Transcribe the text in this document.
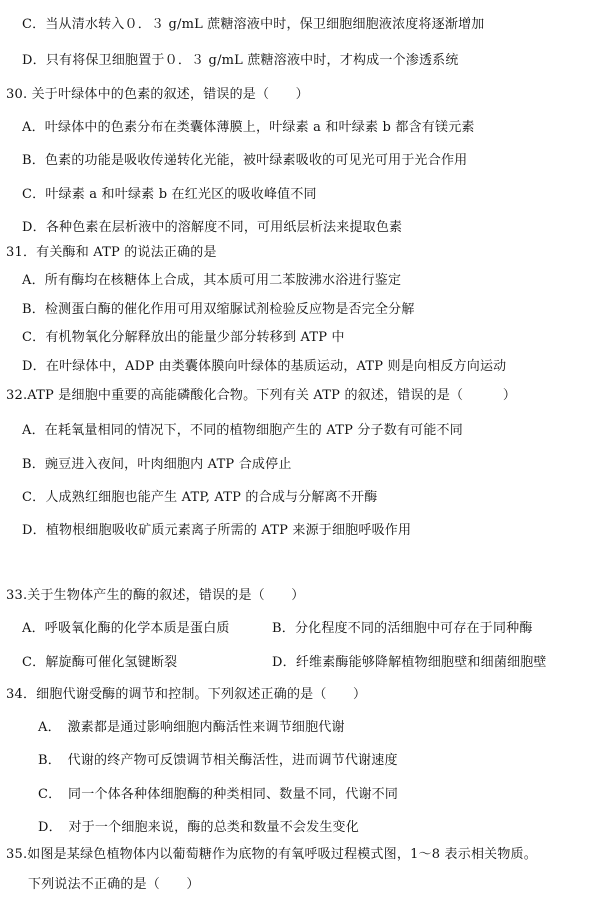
C．当从清水转入０．３ g/mL 蔗糖溶液中时，保卫细胞细胞液浓度将逐渐增加
D．只有将保卫细胞置于０．３ g/mL 蔗糖溶液中时，才构成一个渗透系统
30. 关于叶绿体中的色素的叙述，错误的是（　　）
A．叶绿体中的色素分布在类囊体薄膜上，叶绿素 a 和叶绿素 b 都含有镁元素
B．色素的功能是吸收传递转化光能，被叶绿素吸收的可见光可用于光合作用
C．叶绿素 a 和叶绿素 b 在红光区的吸收峰值不同
D．各种色素在层析液中的溶解度不同，可用纸层析法来提取色素
31．有关酶和 ATP 的说法正确的是
A．所有酶均在核糖体上合成，其本质可用二苯胺沸水浴进行鉴定
B．检测蛋白酶的催化作用可用双缩脲试剂检验反应物是否完全分解
C．有机物氧化分解释放出的能量少部分转移到 ATP 中
D．在叶绿体中，ADP 由类囊体膜向叶绿体的基质运动，ATP 则是向相反方向运动
32.ATP 是细胞中重要的高能磷酸化合物。下列有关 ATP 的叙述，错误的是（　　　）
A．在耗氧量相同的情况下，不同的植物细胞产生的 ATP 分子数有可能不同
B．豌豆进入夜间，叶肉细胞内 ATP 合成停止
C．人成熟红细胞也能产生 ATP, ATP 的合成与分解离不开酶
D．植物根细胞吸收矿质元素离子所需的 ATP 来源于细胞呼吸作用
33.关于生物体产生的酶的叙述，错误的是（　　）
A．呼吸氧化酶的化学本质是蛋白质	B．分化程度不同的活细胞中可存在于同种酶
C．解旋酶可催化氢键断裂	D．纤维素酶能够降解植物细胞壁和细菌细胞壁
34．细胞代谢受酶的调节和控制。下列叙述正确的是（　　）
A．　激素都是通过影响细胞内酶活性来调节细胞代谢
B．　代谢的终产物可反馈调节相关酶活性，进而调节代谢速度
C．　同一个体各种体细胞酶的种类相同、数量不同，代谢不同
D．　对于一个细胞来说，酶的总类和数量不会发生变化
35.如图是某绿色植物体内以葡萄糖作为底物的有氧呼吸过程模式图，1～8 表示相关物质。
下列说法不正确的是（　　）
